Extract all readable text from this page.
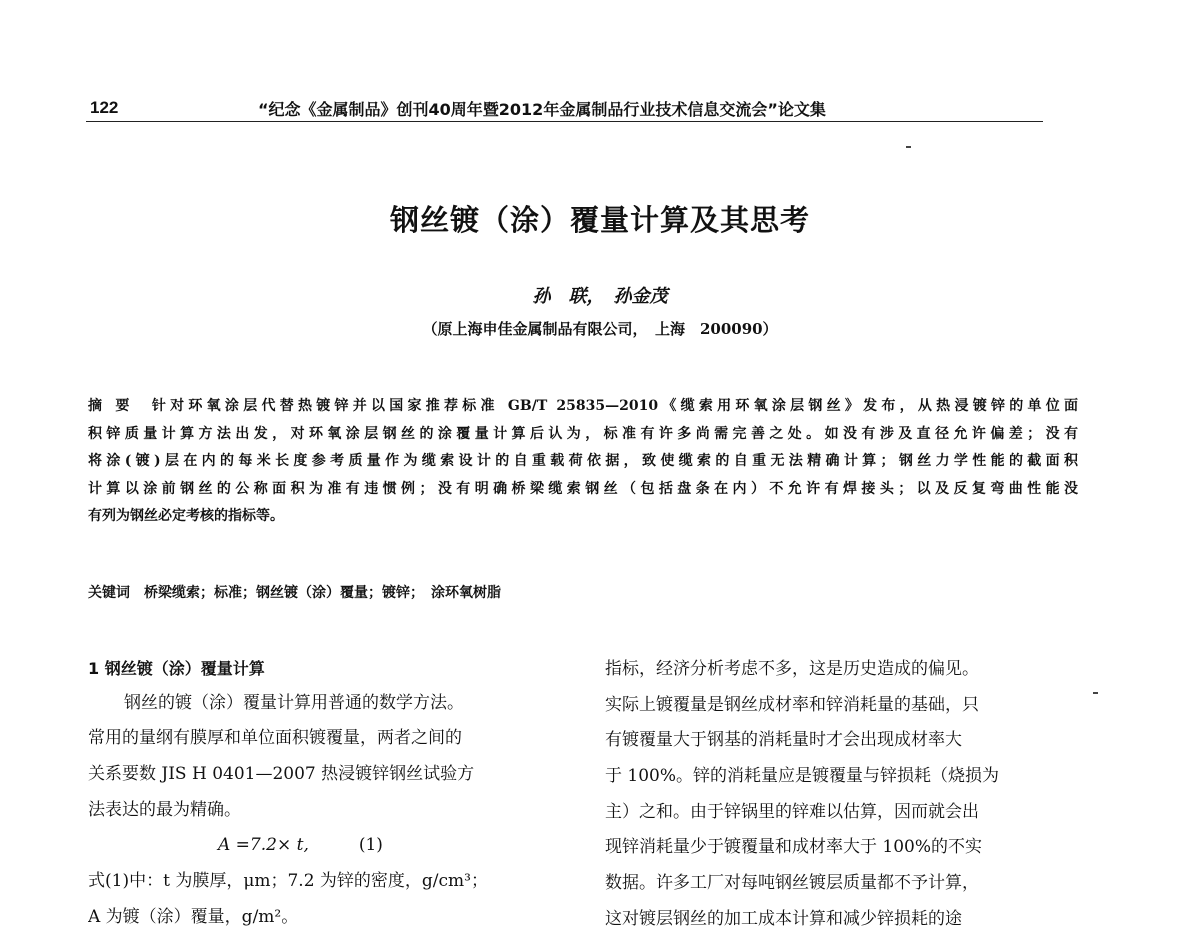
122	“纪念《金属制品》创刊40周年暨2012年金属制品行业技术信息交流会”论文集
钢丝镀（涂）覆量计算及其思考
孙　联，　孙金茂
（原上海申佳金属制品有限公司，　上海　200090）
摘 要　针对环氧涂层代替热镀锌并以国家推荐标准 GB/T 25835—2010《缆索用环氧涂层钢丝》发布，从热浸镀锌的单位面
积锌质量计算方法出发，对环氧涂层钢丝的涂覆量计算后认为，标准有许多尚需完善之处。如没有涉及直径允许偏差；没有
将涂(镀)层在内的每米长度参考质量作为缆索设计的自重载荷依据，致使缆索的自重无法精确计算；钢丝力学性能的截面积
计算以涂前钢丝的公称面积为准有违惯例；没有明确桥梁缆索钢丝（包括盘条在内）不允许有焊接头；以及反复弯曲性能没
有列为钢丝必定考核的指标等。
关键词　桥梁缆索；标准；钢丝镀（涂）覆量；镀锌；　涂环氧树脂
1 钢丝镀（涂）覆量计算
钢丝的镀（涂）覆量计算用普通的数学方法。
常用的量纲有膜厚和单位面积镀覆量，两者之间的
关系要数 JIS H 0401—2007 热浸镀锌钢丝试验方
法表达的最为精确。
A =7.2× t,	(1)
式(1)中：t 为膜厚，μm；7.2 为锌的密度，g/cm³；
A 为镀（涂）覆量，g/m²。
指标，经济分析考虑不多，这是历史造成的偏见。
实际上镀覆量是钢丝成材率和锌消耗量的基础，只
有镀覆量大于钢基的消耗量时才会出现成材率大
于 100%。锌的消耗量应是镀覆量与锌损耗（烧损为
主）之和。由于锌锅里的锌难以估算，因而就会出
现锌消耗量少于镀覆量和成材率大于 100%的不实
数据。许多工厂对每吨钢丝镀层质量都不予计算，
这对镀层钢丝的加工成本计算和减少锌损耗的途
